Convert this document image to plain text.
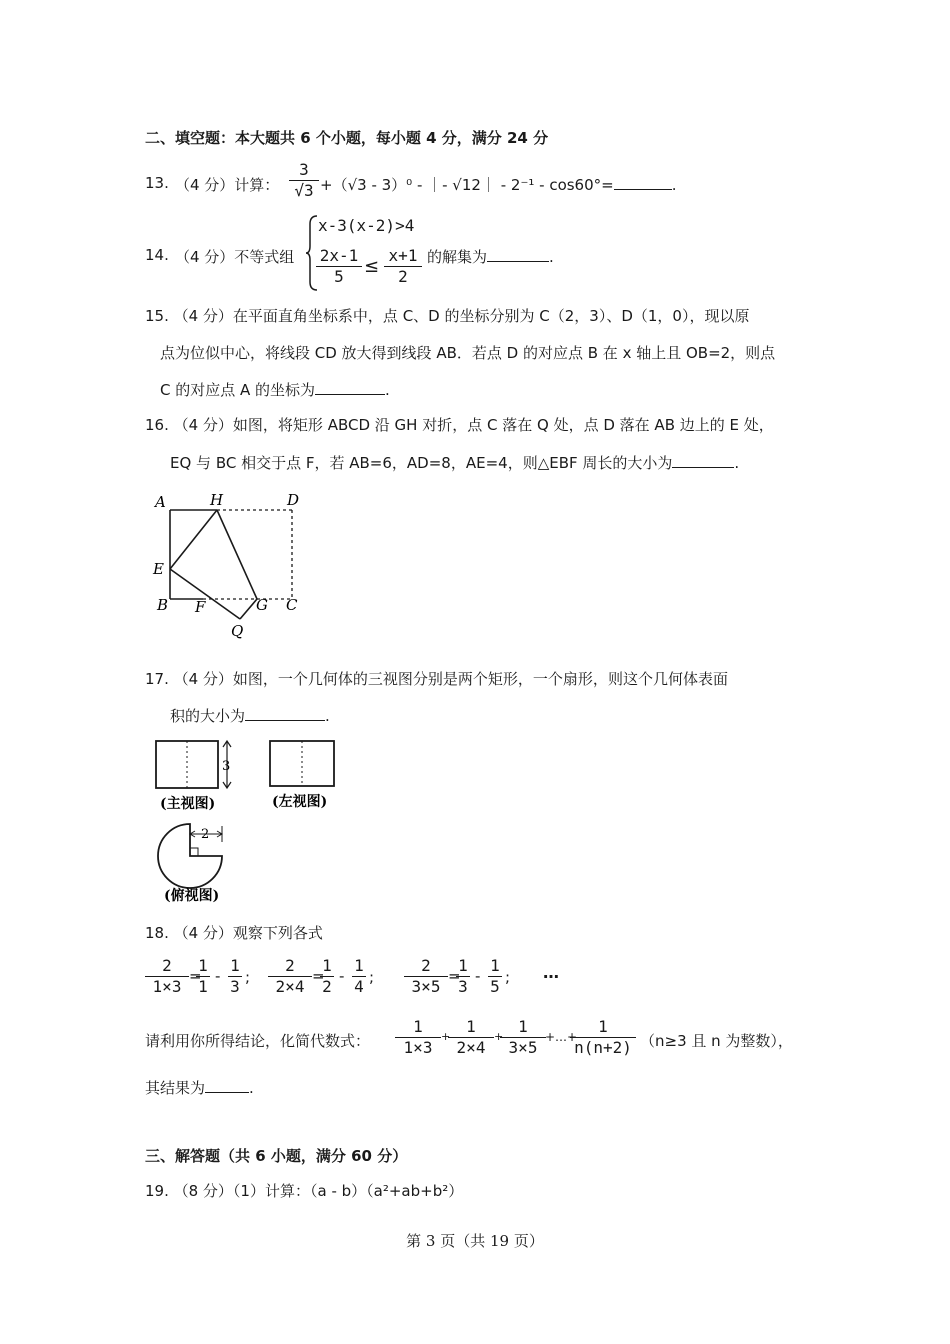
二、填空题：本大题共 6 个小题，每小题 4 分，满分 24 分
13. （4 分）计算：
3
√3 +（√3 - 3）⁰ - ｜- √12｜ - 2⁻¹ - cos60°=	.
14. （4 分）不等式组
x-3(x-2)>4
2x-1
5	≤
x+1
2
的解集为	.
15. （4 分）在平面直角坐标系中，点 C、D 的坐标分别为 C（2，3）、D（1，0），现以原
点为位似中心，将线段 CD 放大得到线段 AB．若点 D 的对应点 B 在 x 轴上且 OB=2，则点
C 的对应点 A 的坐标为	.
16. （4 分）如图，将矩形 ABCD 沿 GH 对折，点 C 落在 Q 处，点 D 落在 AB 边上的 E 处，
EQ 与 BC 相交于点 F，若 AB=6，AD=8，AE=4，则△EBF 周长的大小为	.
A	H	D
E
B F	G C
Q
17. （4 分）如图，一个几何体的三视图分别是两个矩形，一个扇形，则这个几何体表面
积的大小为	.
3
(主视图)	(左视图)
2
(俯视图)
18. （4 分）观察下列各式
2
1×3
=
1
1
-
1
3 ;
2
2×4
=
1
2
-
1
4 ;
2
3×5
=
1
3
-
1
5 ; …
请利用你所得结论，化简代数式：
1
1×3
+
1
2×4
+
1
3×5
+…+
1
n(n+2) （n≥3 且 n 为整数），
其结果为	.
三、解答题（共 6 小题，满分 60 分）
19. （8 分）（1）计算：（a - b）（a²+ab+b²）
第 3 页（共 19 页）
